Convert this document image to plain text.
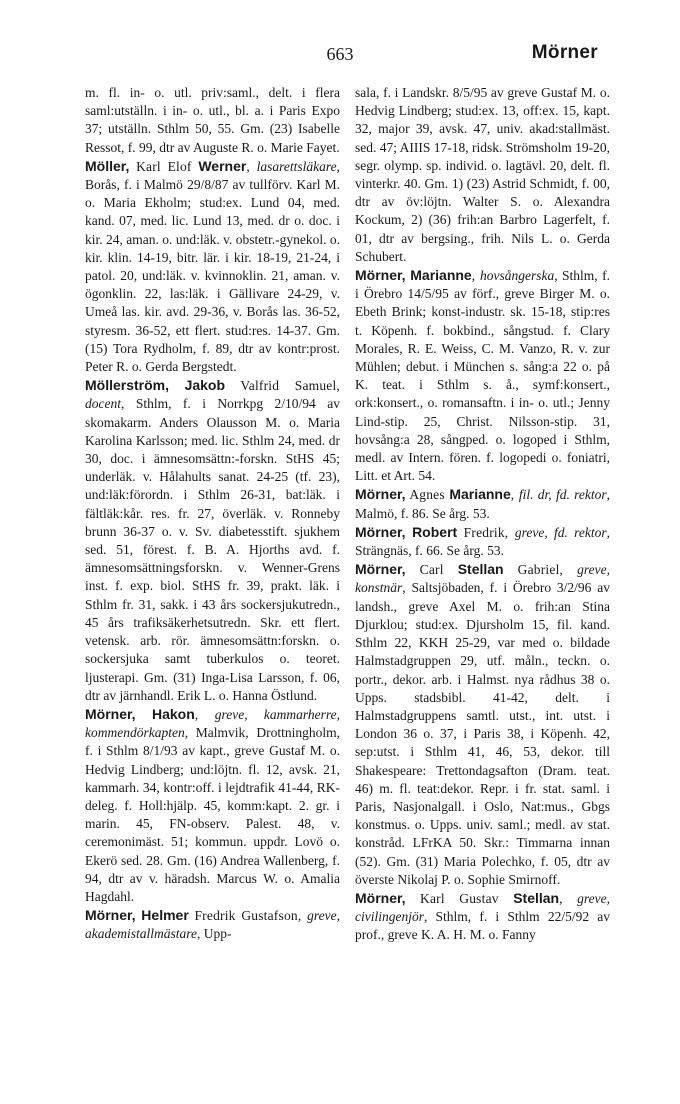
663	Mörner

m. fl. in- o. utl. priv:saml., delt. i flera saml:utställn. i in- o. utl., bl. a. i Paris Expo 37; utställn. Sthlm 50, 55. Gm. (23) Isabelle Ressot, f. 99, dtr av Auguste R. o. Marie Fayet.

Möller, Karl Elof Werner, lasarettsläkare, Borås, f. i Malmö 29/8/87 av tullförv. Karl M. o. Maria Ekholm; stud:ex. Lund 04, med. kand. 07, med. lic. Lund 13, med. dr o. doc. i kir. 24, aman. o. und:läk. v. obstetr.-gynekol. o. kir. klin. 14-19, bitr. lär. i kir. 18-19, 21-24, i patol. 20, und:läk. v. kvinnoklin. 21, aman. v. ögonklin. 22, las:läk. i Gällivare 24-29, v. Umeå las. kir. avd. 29-36, v. Borås las. 36-52, styresm. 36-52, ett flert. stud:res. 14-37. Gm. (15) Tora Rydholm, f. 89, dtr av kontr:prost. Peter R. o. Gerda Bergstedt.

Möllerström, Jakob Valfrid Samuel, docent, Sthlm, f. i Norrkpg 2/10/94 av skomakarm. Anders Olausson M. o. Maria Karolina Karlsson; med. lic. Sthlm 24, med. dr 30, doc. i ämnesomsättn:-forskn. StHS 45; underläk. v. Hålahults sanat. 24-25 (tf. 23), und:läk:förordn. i Sthlm 26-31, bat:läk. i fältläk:kår. res. fr. 27, överläk. v. Ronneby brunn 36-37 o. v. Sv. diabetesstift. sjukhem sed. 51, förest. f. B. A. Hjorths avd. f. ämnesomsättningsforskn. v. Wenner-Grens inst. f. exp. biol. StHS fr. 39, prakt. läk. i Sthlm fr. 31, sakk. i 43 års sockersjukutredn., 45 års trafiksäkerhetsutredn. Skr. ett flert. vetensk. arb. rör. ämnesomsättn:forskn. o. sockersjuka samt tuberkulos o. teoret. ljusterapi. Gm. (31) Inga-Lisa Larsson, f. 06, dtr av järnhandl. Erik L. o. Hanna Östlund.

Mörner, Hakon, greve, kammarherre, kommendörkapten, Malmvik, Drottningholm, f. i Sthlm 8/1/93 av kapt., greve Gustaf M. o. Hedvig Lindberg; und:löjtn. fl. 12, avsk. 21, kammarh. 34, kontr:off. i lejdtrafik 41-44, RK-deleg. f. Holl:hjälp. 45, komm:kapt. 2. gr. i marin. 45, FN-observ. Palest. 48, v. ceremonimäst. 51; kommun. uppdr. Lovö o. Ekerö sed. 28. Gm. (16) Andrea Wallenberg, f. 94, dtr av v. häradsh. Marcus W. o. Amalia Hagdahl.

Mörner, Helmer Fredrik Gustafson, greve, akademistallmästare, Upp-

sala, f. i Landskr. 8/5/95 av greve Gustaf M. o. Hedvig Lindberg; stud:ex. 13, off:ex. 15, kapt. 32, major 39, avsk. 47, univ. akad:stallmäst. sed. 47; AIIIS 17-18, ridsk. Strömsholm 19-20, segr. olymp. sp. individ. o. lagtävl. 20, delt. fl. vinterkr. 40. Gm. 1) (23) Astrid Schmidt, f. 00, dtr av öv:löjtn. Walter S. o. Alexandra Kockum, 2) (36) frih:an Barbro Lagerfelt, f. 01, dtr av bergsing., frih. Nils L. o. Gerda Schubert.

Mörner, Marianne, hovsångerska, Sthlm, f. i Örebro 14/5/95 av förf., greve Birger M. o. Ebeth Brink; konst-industr. sk. 15-18, stip:res t. Köpenh. f. bokbind., sångstud. f. Clary Morales, R. E. Weiss, C. M. Vanzo, R. v. zur Mühlen; debut. i München s. sång:a 22 o. på K. teat. i Sthlm s. å., symf:konsert., ork:konsert., o. romansaftn. i in- o. utl.; Jenny Lind-stip. 25, Christ. Nilsson-stip. 31, hovsång:a 28, sångped. o. logoped i Sthlm, medl. av Intern. fören. f. logopedi o. foniatri, Litt. et Art. 54.

Mörner, Agnes Marianne, fil. dr, fd. rektor, Malmö, f. 86. Se årg. 53.

Mörner, Robert Fredrik, greve, fd. rektor, Strängnäs, f. 66. Se årg. 53.

Mörner, Carl Stellan Gabriel, greve, konstnär, Saltsjöbaden, f. i Örebro 3/2/96 av landsh., greve Axel M. o. frih:an Stina Djurklou; stud:ex. Djursholm 15, fil. kand. Sthlm 22, KKH 25-29, var med o. bildade Halmstadgruppen 29, utf. måln., teckn. o. portr., dekor. arb. i Halmst. nya rådhus 38 o. Upps. stadsbibl. 41-42, delt. i Halmstadgruppens samtl. utst., int. utst. i London 36 o. 37, i Paris 38, i Köpenh. 42, sep:utst. i Sthlm 41, 46, 53, dekor. till Shakespeare: Trettondagsafton (Dram. teat. 46) m. fl. teat:dekor. Repr. i fr. stat. saml. i Paris, Nasjonalgall. i Oslo, Nat:mus., Gbgs konstmus. o. Upps. univ. saml.; medl. av stat. konstråd. LFrKA 50. Skr.: Timmarna innan (52). Gm. (31) Maria Polechko, f. 05, dtr av överste Nikolaj P. o. Sophie Smirnoff.

Mörner, Karl Gustav Stellan, greve, civilingenjör, Sthlm, f. i Sthlm 22/5/92 av prof., greve K. A. H. M. o. Fanny
